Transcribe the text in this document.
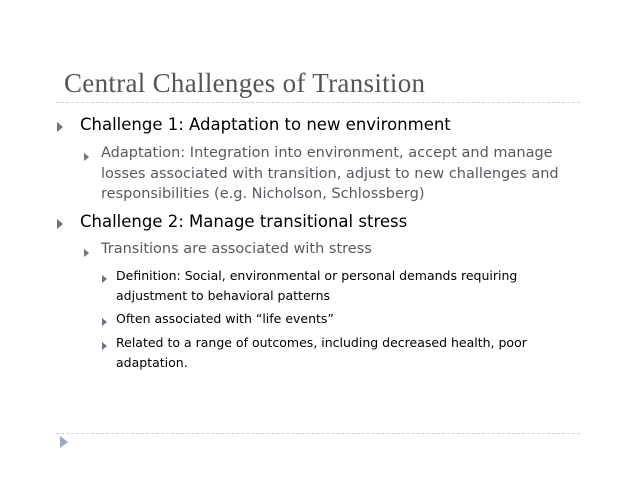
Central Challenges of Transition
Challenge 1: Adaptation to new environment
Adaptation: Integration into environment, accept and manage
losses associated with transition, adjust to new challenges and
responsibilities (e.g. Nicholson, Schlossberg)
Challenge 2: Manage transitional stress
Transitions are associated with stress
Definition: Social, environmental or personal demands requiring
adjustment to behavioral patterns
Often associated with “life events”
Related to a range of outcomes, including decreased health, poor
adaptation.
